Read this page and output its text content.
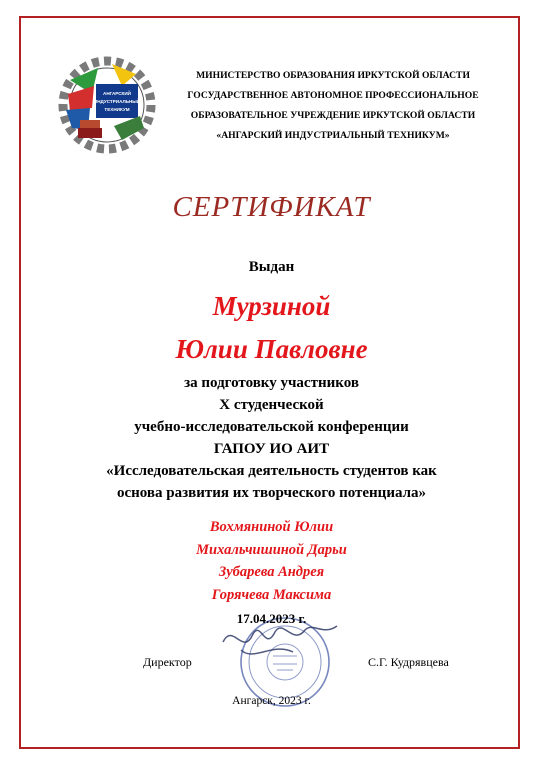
АНГАРСКИЙ
ИНДУСТРИАЛЬНЫЙ
ТЕХНИКУМ
МИНИСТЕРСТВО ОБРАЗОВАНИЯ ИРКУТСКОЙ ОБЛАСТИ
ГОСУДАРСТВЕННОЕ АВТОНОМНОЕ ПРОФЕССИОНАЛЬНОЕ
ОБРАЗОВАТЕЛЬНОЕ УЧРЕЖДЕНИЕ ИРКУТСКОЙ ОБЛАСТИ
«АНГАРСКИЙ ИНДУСТРИАЛЬНЫЙ ТЕХНИКУМ»
СЕРТИФИКАТ
Выдан
Мурзиной
Юлии Павловне
за подготовку участников
X студенческой
учебно-исследовательской конференции
ГАПОУ ИО АИТ
«Исследовательская деятельность студентов как
основа развития их творческого потенциала»
Вохмяниной Юлии
Михальчишиной Дарьи
Зубарева Андрея
Горячева Максима
17.04.2023 г.
Директор	С.Г. Кудрявцева
Ангарск, 2023 г.
